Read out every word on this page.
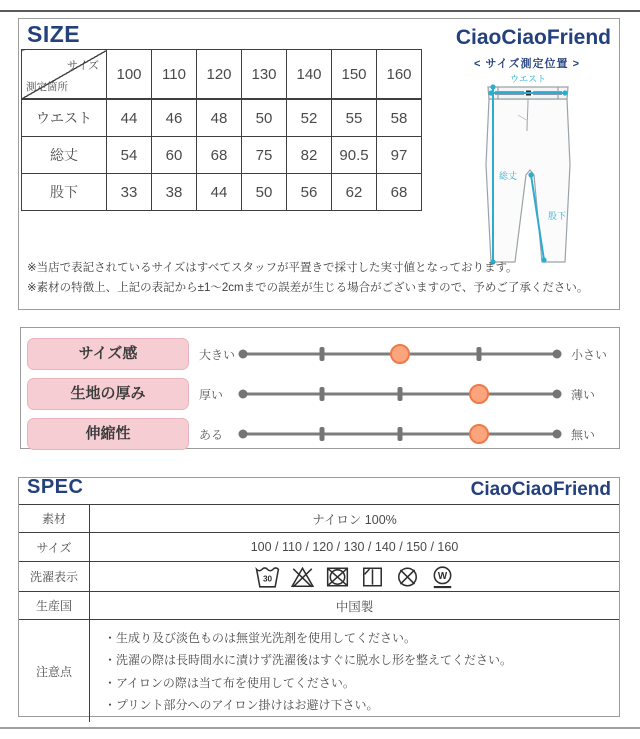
SIZE	CiaoCiaoFriend
サイズ
測定箇所	100	110	120	130	140	150	160
ウエスト	44	46	48	50	52	55	58
総丈	54	60	68	75	82	90.5	97
股下	33	38	44	50	56	62	68
< サイズ測定位置 >
ウエスト
総丈
股下
※当店で表記されているサイズはすべてスタッフが平置きで採寸した実寸値となっております。
※素材の特徴上、上記の表記から±1～2cmまでの誤差が生じる場合がございますので、予めご了承ください。
サイズ感	大きい	小さい
生地の厚み	厚い	薄い
伸縮性	ある	無い
SPEC	CiaoCiaoFriend
素材	ナイロン 100%
サイズ	100 / 110 / 120 / 130 / 140 / 150 / 160
洗濯表示	30	W
生産国	中国製
注意点
・生成り及び淡色ものは無蛍光洗剤を使用してください。
・洗濯の際は長時間水に漬けず洗濯後はすぐに脱水し形を整えてください。
・アイロンの際は当て布を使用してください。
・プリント部分へのアイロン掛けはお避け下さい。
